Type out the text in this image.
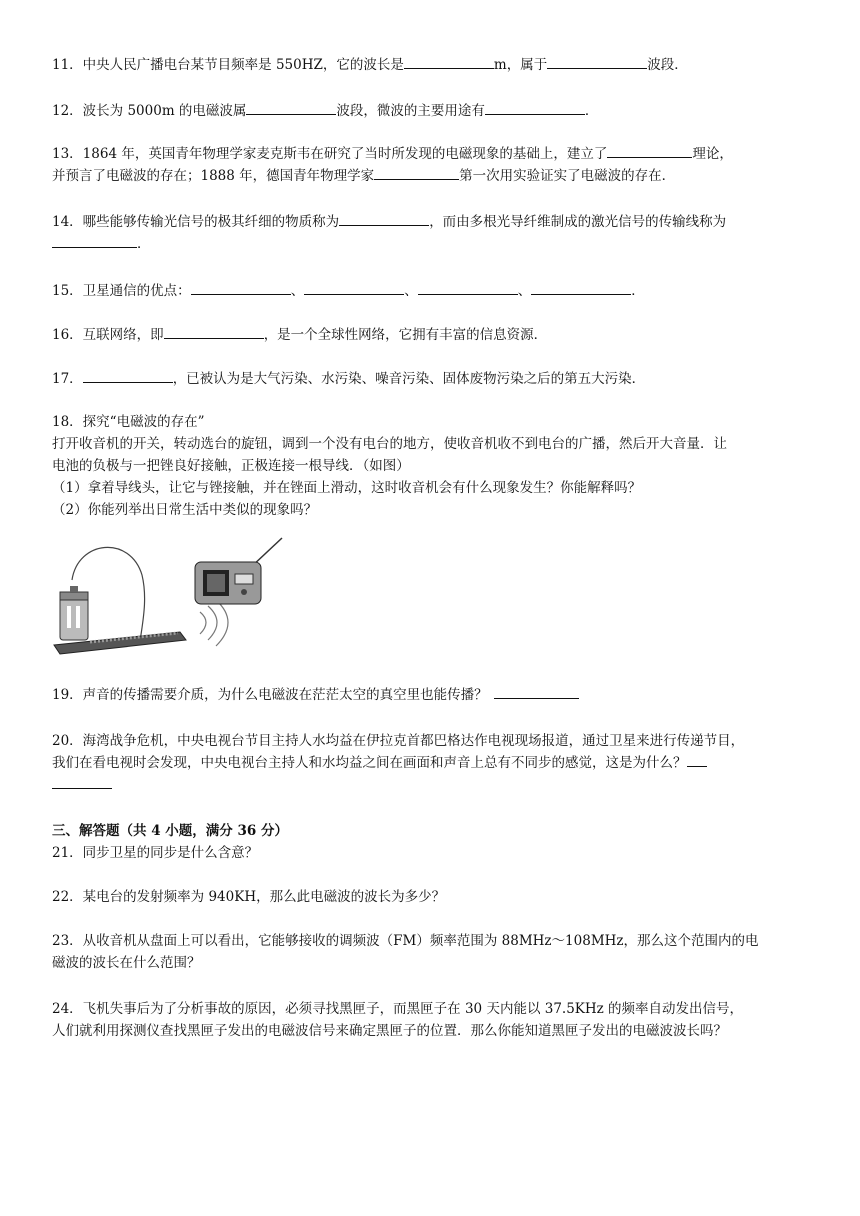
11．中央人民广播电台某节目频率是 550HZ，它的波长是	m，属于	波段．
12．波长为 5000m 的电磁波属	波段，微波的主要用途有	．
13．1864 年，英国青年物理学家麦克斯韦在研究了当时所发现的电磁现象的基础上，建立了	理论，
并预言了电磁波的存在；1888 年，德国青年物理学家	第一次用实验证实了电磁波的存在．
14．哪些能够传输光信号的极其纤细的物质称为	，而由多根光导纤维制成的激光信号的传输线称为
．
15．卫星通信的优点：	、	、	、	．
16．互联网络，即	，是一个全球性网络，它拥有丰富的信息资源．
17．	，已被认为是大气污染、水污染、噪音污染、固体废物污染之后的第五大污染．
18．探究“电磁波的存在”
打开收音机的开关，转动选台的旋钮，调到一个没有电台的地方，使收音机收不到电台的广播，然后开大音量．让
电池的负极与一把锉良好接触，正极连接一根导线．（如图）
（1）拿着导线头，让它与锉接触，并在锉面上滑动，这时收音机会有什么现象发生？你能解释吗？
（2）你能列举出日常生活中类似的现象吗？
19．声音的传播需要介质，为什么电磁波在茫茫太空的真空里也能传播？
20．海湾战争危机，中央电视台节目主持人水均益在伊拉克首都巴格达作电视现场报道，通过卫星来进行传递节目，
我们在看电视时会发现，中央电视台主持人和水均益之间在画面和声音上总有不同步的感觉，这是为什么？
三、解答题（共 4 小题，满分 36 分）
21．同步卫星的同步是什么含意？
22．某电台的发射频率为 940KH，那么此电磁波的波长为多少？
23．从收音机从盘面上可以看出，它能够接收的调频波（FM）频率范围为 88MHz～108MHz，那么这个范围内的电
磁波的波长在什么范围？
24．飞机失事后为了分析事故的原因，必须寻找黑匣子，而黑匣子在 30 天内能以 37.5KHz 的频率自动发出信号，
人们就利用探测仪查找黑匣子发出的电磁波信号来确定黑匣子的位置．那么你能知道黑匣子发出的电磁波波长吗？
